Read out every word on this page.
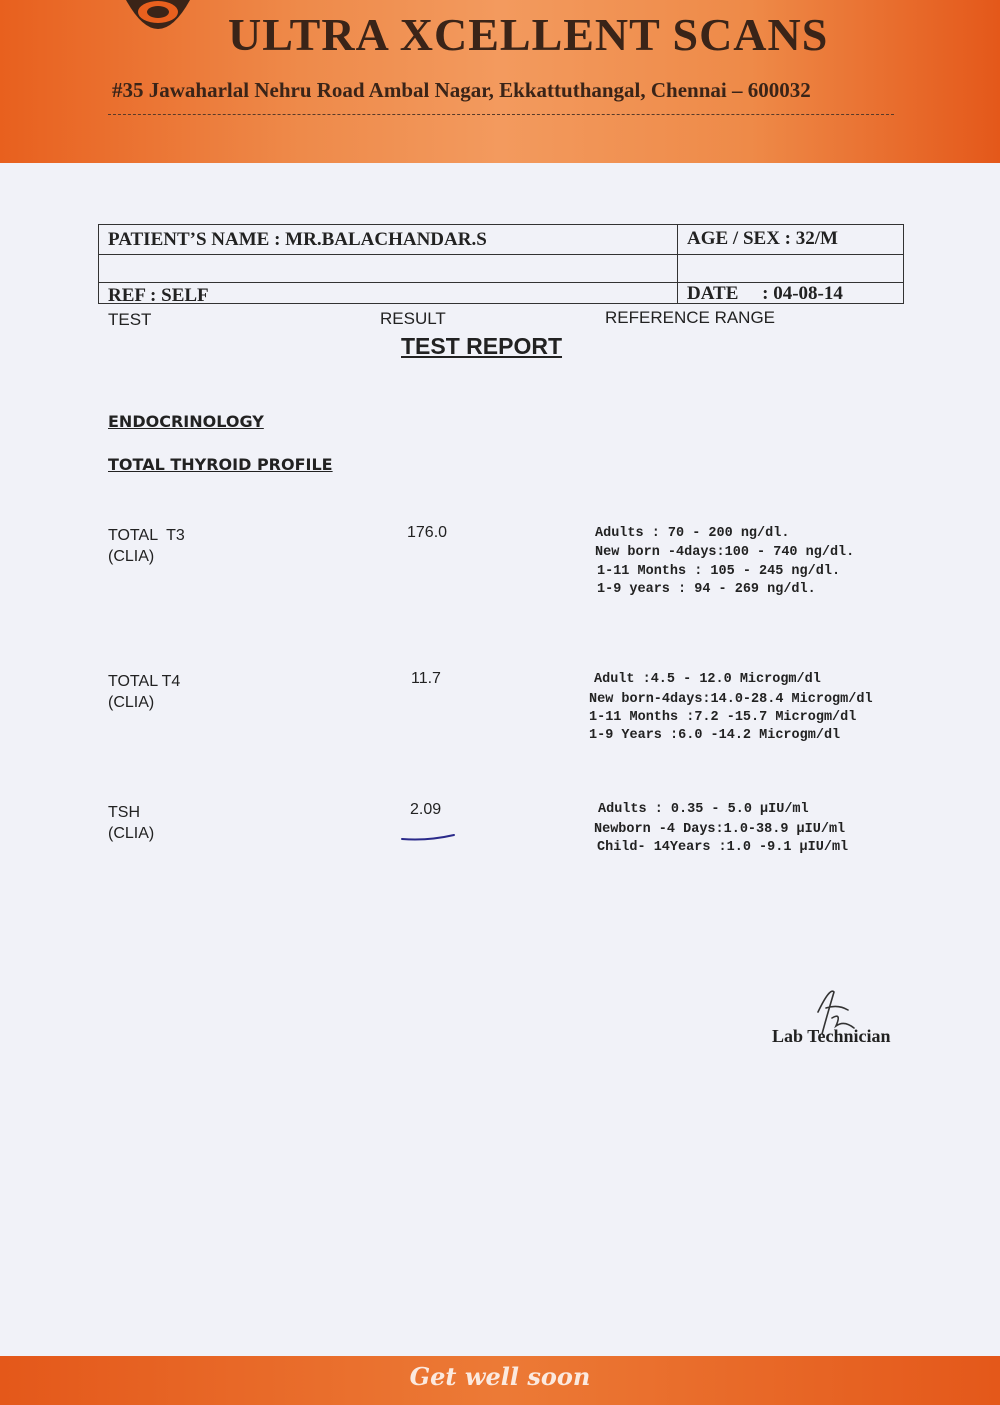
ULTRA XCELLENT SCANS
#35 Jawaharlal Nehru Road Ambal Nagar, Ekkattuthangal, Chennai – 600032
PATIENT’S NAME : MR.BALACHANDAR.S	AGE / SEX : 32/M
REF : SELF	DATE     : 04-08-14
TEST	RESULT	REFERENCE RANGE
TEST REPORT
ENDOCRINOLOGY
TOTAL THYROID PROFILE
TOTAL  T3
(CLIA)
176.0	Adults : 70 - 200 ng/dl.
New born -4days:100 - 740 ng/dl.
1-11 Months : 105 - 245 ng/dl.
1-9 years : 94 - 269 ng/dl.
TOTAL T4
(CLIA)
11.7	Adult :4.5 - 12.0 Microgm/dl
New born-4days:14.0-28.4 Microgm/dl
1-11 Months :7.2 -15.7 Microgm/dl
1-9 Years :6.0 -14.2 Microgm/dl
TSH
(CLIA)
2.09	Adults : 0.35 - 5.0 µIU/ml
Newborn -4 Days:1.0-38.9 µIU/ml
Child- 14Years :1.0 -9.1 µIU/ml
Lab Technician
Get well soon
